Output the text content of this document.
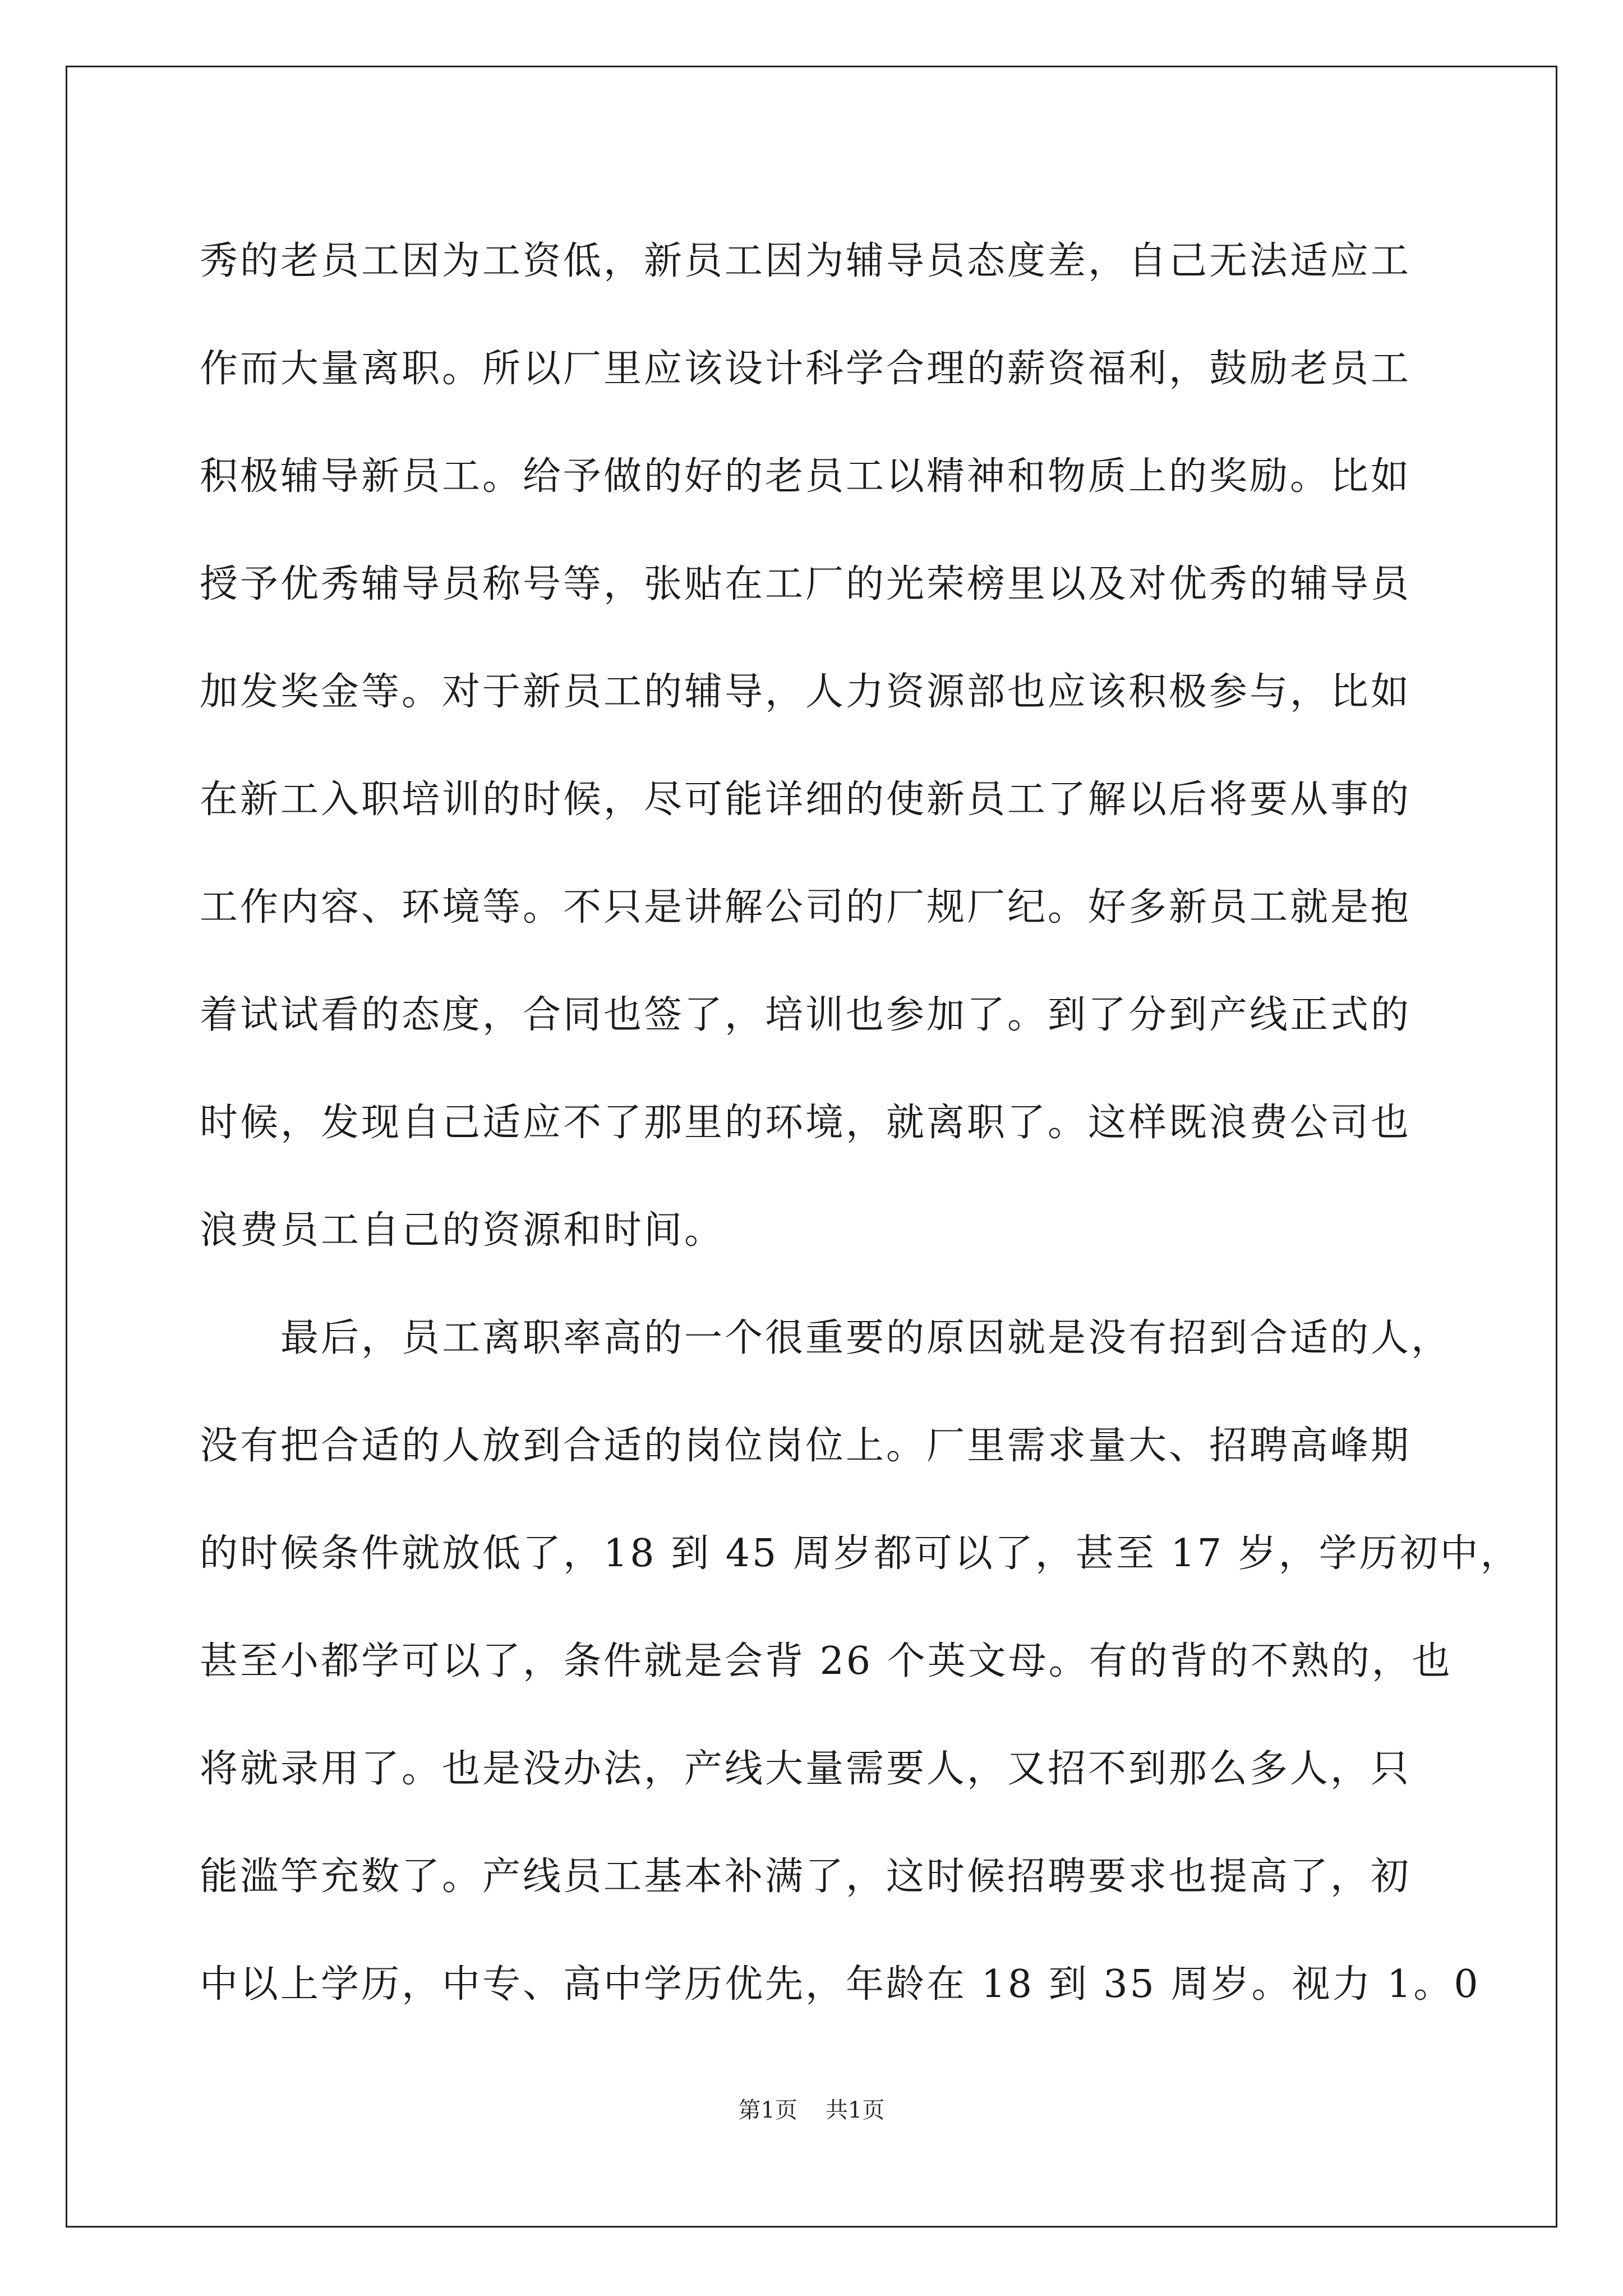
秀的老员工因为工资低，新员工因为辅导员态度差，自己无法适应工
作而大量离职。所以厂里应该设计科学合理的薪资福利，鼓励老员工
积极辅导新员工。给予做的好的老员工以精神和物质上的奖励。比如
授予优秀辅导员称号等，张贴在工厂的光荣榜里以及对优秀的辅导员
加发奖金等。对于新员工的辅导，人力资源部也应该积极参与，比如
在新工入职培训的时候，尽可能详细的使新员工了解以后将要从事的
工作内容、环境等。不只是讲解公司的厂规厂纪。好多新员工就是抱
着试试看的态度，合同也签了，培训也参加了。到了分到产线正式的
时候，发现自己适应不了那里的环境，就离职了。这样既浪费公司也
浪费员工自己的资源和时间。
　　最后，员工离职率高的一个很重要的原因就是没有招到合适的人，
没有把合适的人放到合适的岗位岗位上。厂里需求量大、招聘高峰期
的时候条件就放低了，18 到 45 周岁都可以了，甚至 17 岁，学历初中，
甚至小都学可以了，条件就是会背 26 个英文母。有的背的不熟的，也
将就录用了。也是没办法，产线大量需要人，又招不到那么多人，只
能滥竽充数了。产线员工基本补满了，这时候招聘要求也提高了，初
中以上学历，中专、高中学历优先，年龄在 18 到 35 周岁。视力 1。0
第1页 共1页
